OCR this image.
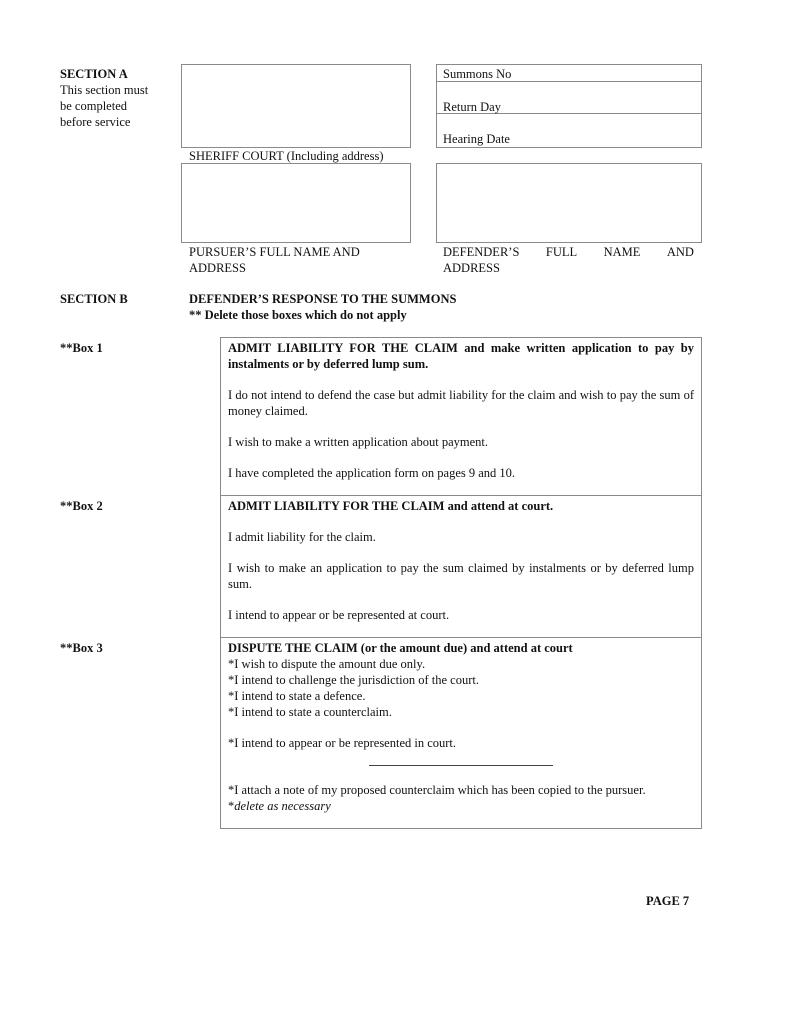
SECTION A
This section must
be completed
before service
SHERIFF COURT (Including address)
Summons No
Return Day
Hearing Date
PURSUER’S FULL NAME AND
ADDRESS
DEFENDER’S FULL NAME AND
ADDRESS
SECTION B	DEFENDER’S RESPONSE TO THE SUMMONS
** Delete those boxes which do not apply
**Box 1
**Box 2
**Box 3

ADMIT LIABILITY FOR THE CLAIM and make written application to pay by instalments or by deferred lump sum.

I do not intend to defend the case but admit liability for the claim and wish to pay the sum of money claimed.

I wish to make a written application about payment.

I have completed the application form on pages 9 and 10.

ADMIT LIABILITY FOR THE CLAIM and attend at court.

I admit liability for the claim.

I wish to make an application to pay the sum claimed by instalments or by deferred lump sum.

I intend to appear or be represented at court.

DISPUTE THE CLAIM (or the amount due) and attend at court

*I wish to dispute the amount due only.

*I intend to challenge the jurisdiction of the court.

*I intend to state a defence.

*I intend to state a counterclaim.

*I intend to appear or be represented in court.

*I attach a note of my proposed counterclaim which has been copied to the pursuer.

*delete as necessary

PAGE 7
